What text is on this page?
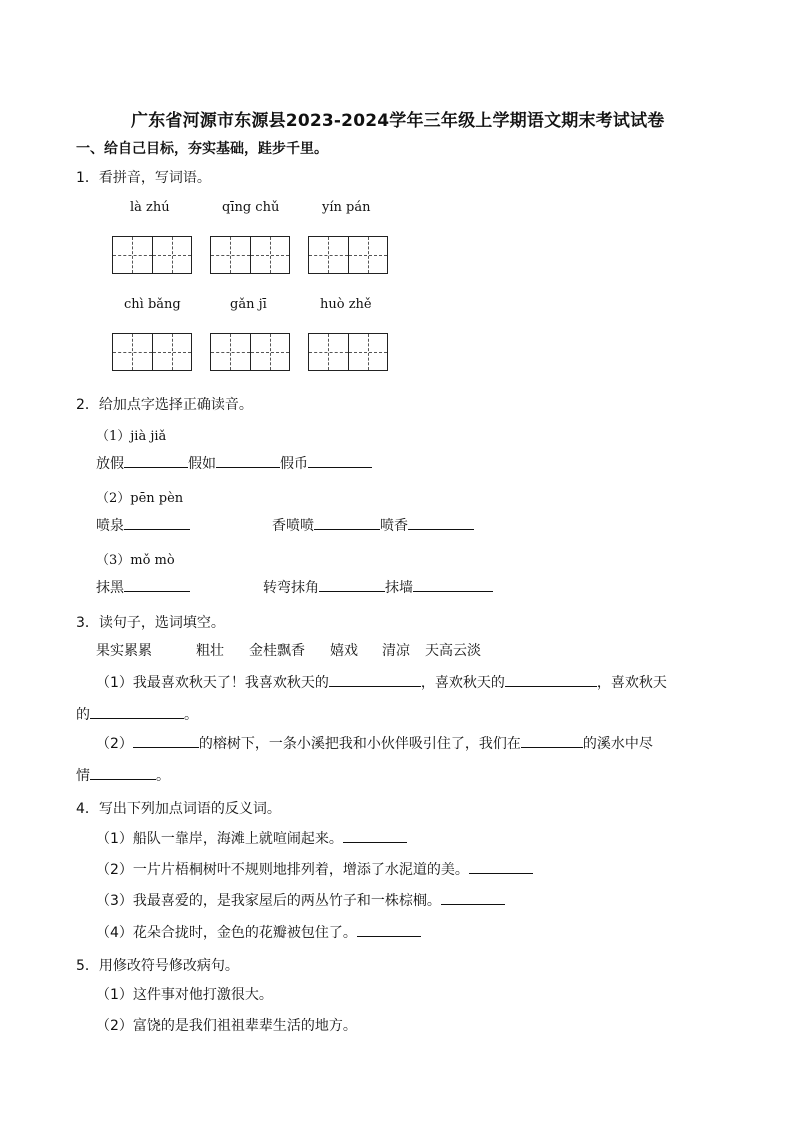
广东省河源市东源县2023-2024学年三年级上学期语文期末考试试卷
一、给自己目标，夯实基础，跬步千里。
1．看拼音，写词语。
là zhú	qīng chǔ	yín pán
chì bǎng	gǎn jī	huò zhě
2．给加点字选择正确读音。
（1）jià jiǎ
放假	假如	假币
（2）pēn pèn
喷泉	香喷喷	喷香
（3）mǒ mò
抹黑	转弯抹角	抹墙
3．读句子，选词填空。
果实累累	粗壮 金桂飘香 嬉戏 清凉 天高云淡
（1）我最喜欢秋天了！我喜欢秋天的	，喜欢秋天的	，喜欢秋天
的	。
（2）	的榕树下，一条小溪把我和小伙伴吸引住了，我们在	的溪水中尽
情	。
4．写出下列加点词语的反义词。
（1）船队一靠岸，海滩上就喧闹起来。
（2）一片片梧桐树叶不规则地排列着，增添了水泥道的美。
（3）我最喜爱的，是我家屋后的两丛竹子和一株棕榈。
（4）花朵合拢时，金色的花瓣被包住了。
5．用修改符号修改病句。
（1）这件事对他打激很大。
（2）富饶的是我们祖祖辈辈生活的地方。
